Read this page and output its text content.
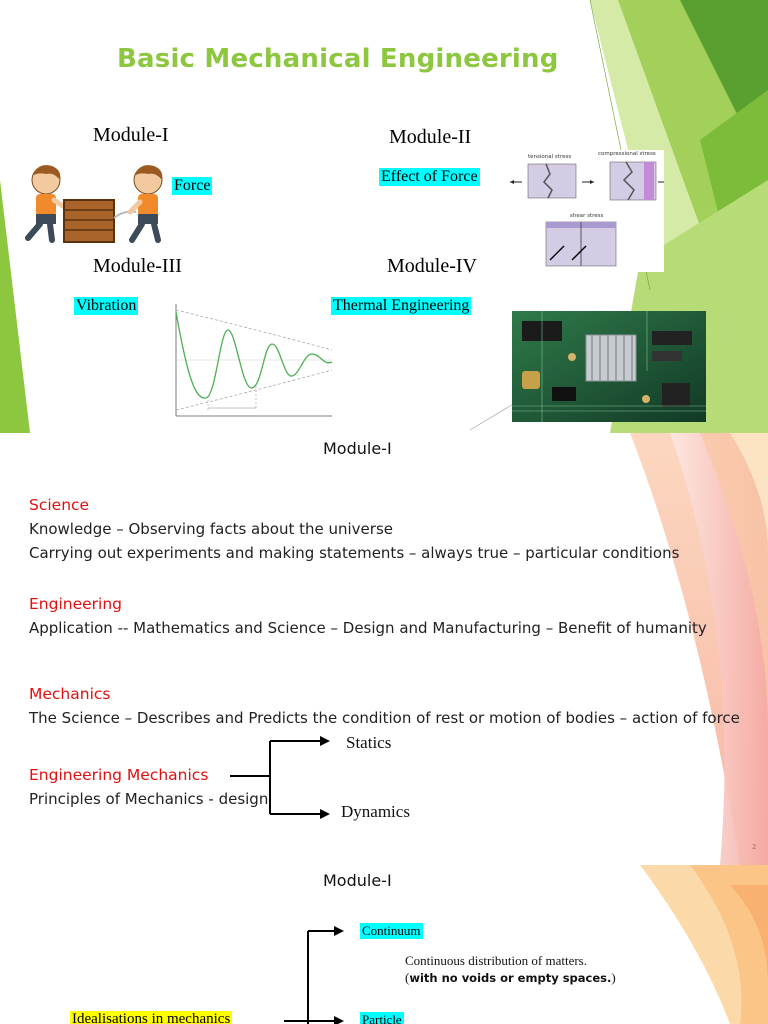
Basic Mechanical Engineering
Module-I	Module-II
Module-III	Module-IV
Force
Effect of Force
tensional stress	compressional stress
shear stress
Vibration	Thermal Engineering
Module-I
Science
Knowledge – Observing facts about the universe
Carrying out experiments and making statements – always true – particular conditions
Engineering
Application -- Mathematics and Science – Design and Manufacturing – Benefit of humanity
Mechanics
The Science – Describes and Predicts the condition of rest or motion of bodies – action of force
Engineering Mechanics
Principles of Mechanics - design
Statics
Dynamics
2
Module-I
Continuum
Continuous distribution of matters.
(with no voids or empty spaces.)
Idealisations in mechanics	Particle
